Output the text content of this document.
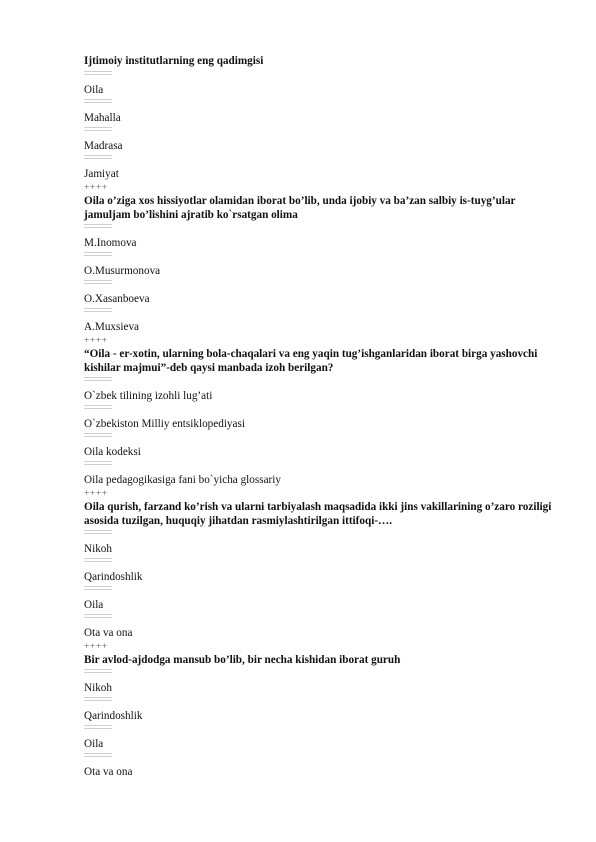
Ijtimoiy institutlarning eng qadimgisi
Oila
Mahalla
Madrasa
Jamiyat
++++
Oila o’ziga xos hissiyotlar olamidan iborat bo’lib, unda ijobiy va ba’zan salbiy is-tuyg’ular jamuljam bo’lishini ajratib ko`rsatgan olima
M.Inomova
O.Musurmonova
O.Xasanboeva
A.Muxsieva
++++
“Oila - er-xotin, ularning bola-chaqalari va eng yaqin tug’ishganlaridan iborat birga yashovchi kishilar majmui”-deb qaysi manbada izoh berilgan?
O`zbek tilining izohli lug’ati
O`zbekiston Milliy entsiklopediyasi
Oila kodeksi
Oila pedagogikasiga fani bo`yicha glossariy
++++
Oila qurish, farzand ko’rish va ularni tarbiyalash maqsadida ikki jins vakillarining o’zaro roziligi asosida tuzilgan, huquqiy jihatdan rasmiylashtirilgan ittifoqi-….
Nikoh
Qarindoshlik
Oila
Ota va ona
++++
Bir avlod-ajdodga mansub bo’lib, bir necha kishidan iborat guruh
Nikoh
Qarindoshlik
Oila
Ota va ona
